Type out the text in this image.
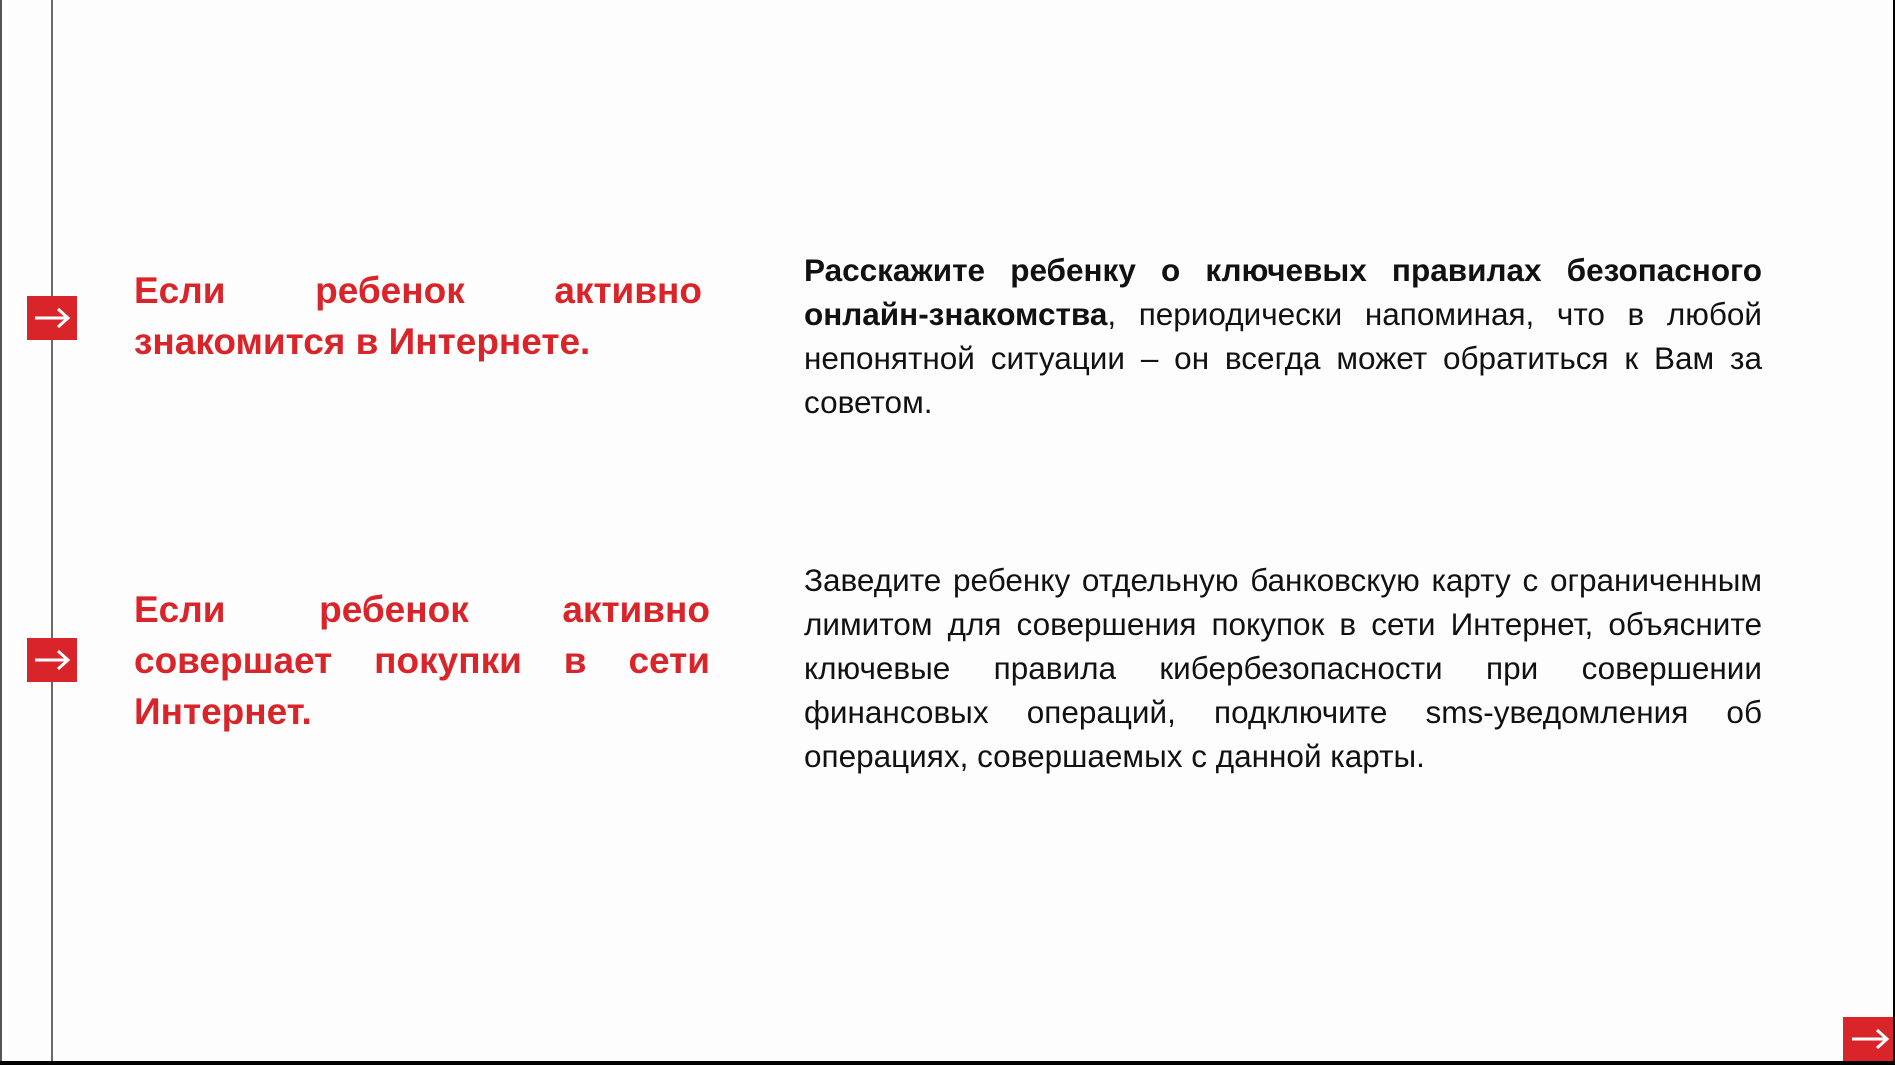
Если ребенок активно знакомится в Интернете.

Расскажите ребенку о ключевых правилах безопасного онлайн-знакомства, периодически напоминая, что в любой непонятной ситуации – он всегда может обратиться к Вам за советом.

Если ребенок активно совершает покупки в сети Интернет.

Заведите ребенку отдельную банковскую карту с ограниченным лимитом для совершения покупок в сети Интернет, объясните ключевые правила кибербезопасности при совершении финансовых операций, подключите sms-уведомления об операциях, совершаемых с данной карты.
